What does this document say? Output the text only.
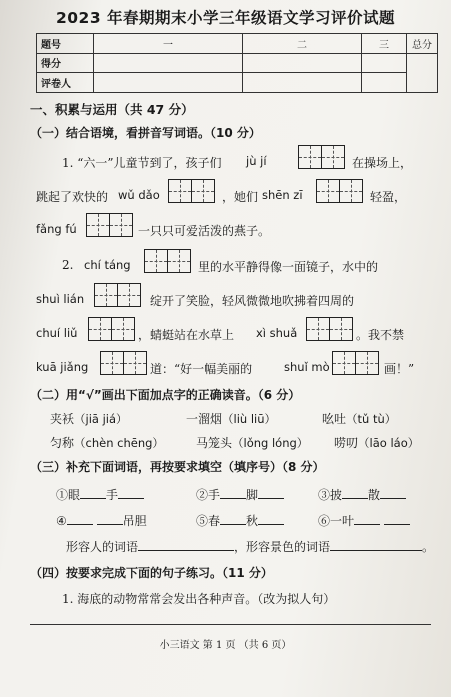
2023 年春期期末小学三年级语文学习评价试题
题号	一	二	三	总分
得分				
评卷人				
一、积累与运用（共 47 分）
（一）结合语境，看拼音写词语。（10 分）
1. “六一”儿童节到了，孩子们 jù jí	在操场上，
跳起了欢快的 wǔ dǎo	，她们 shēn zī	轻盈，
fǎng fú	一只只可爱活泼的燕子。
2. chí táng	里的水平静得像一面镜子，水中的
shuì lián	绽开了笑脸，轻风微微地吹拂着四周的
chuí liǔ	，蜻蜓站在水草上 xì shuǎ	。我不禁
kuā jiǎng	道：“好一幅美丽的	shuǐ mò	画！”
（二）用“√”画出下面加点字的正确读音。（6 分）
夹袄（jiā jiá）	一溜烟（liù liū）	吆吐（tǔ tù）
匀称（chèn chēng）	马笼头（lǒng lóng） 唠叨（lāo láo）
（三）补充下面词语，再按要求填空（填序号）（8 分）
①眼 手	②手 脚	③披 散
④	吊胆	⑤春 秋	⑥一叶
形容人的词语	，形容景色的词语	。
（四）按要求完成下面的句子练习。（11 分）
1. 海底的动物常常会发出各种声音。（改为拟人句）
小三语文 第 1 页 （共 6 页）
